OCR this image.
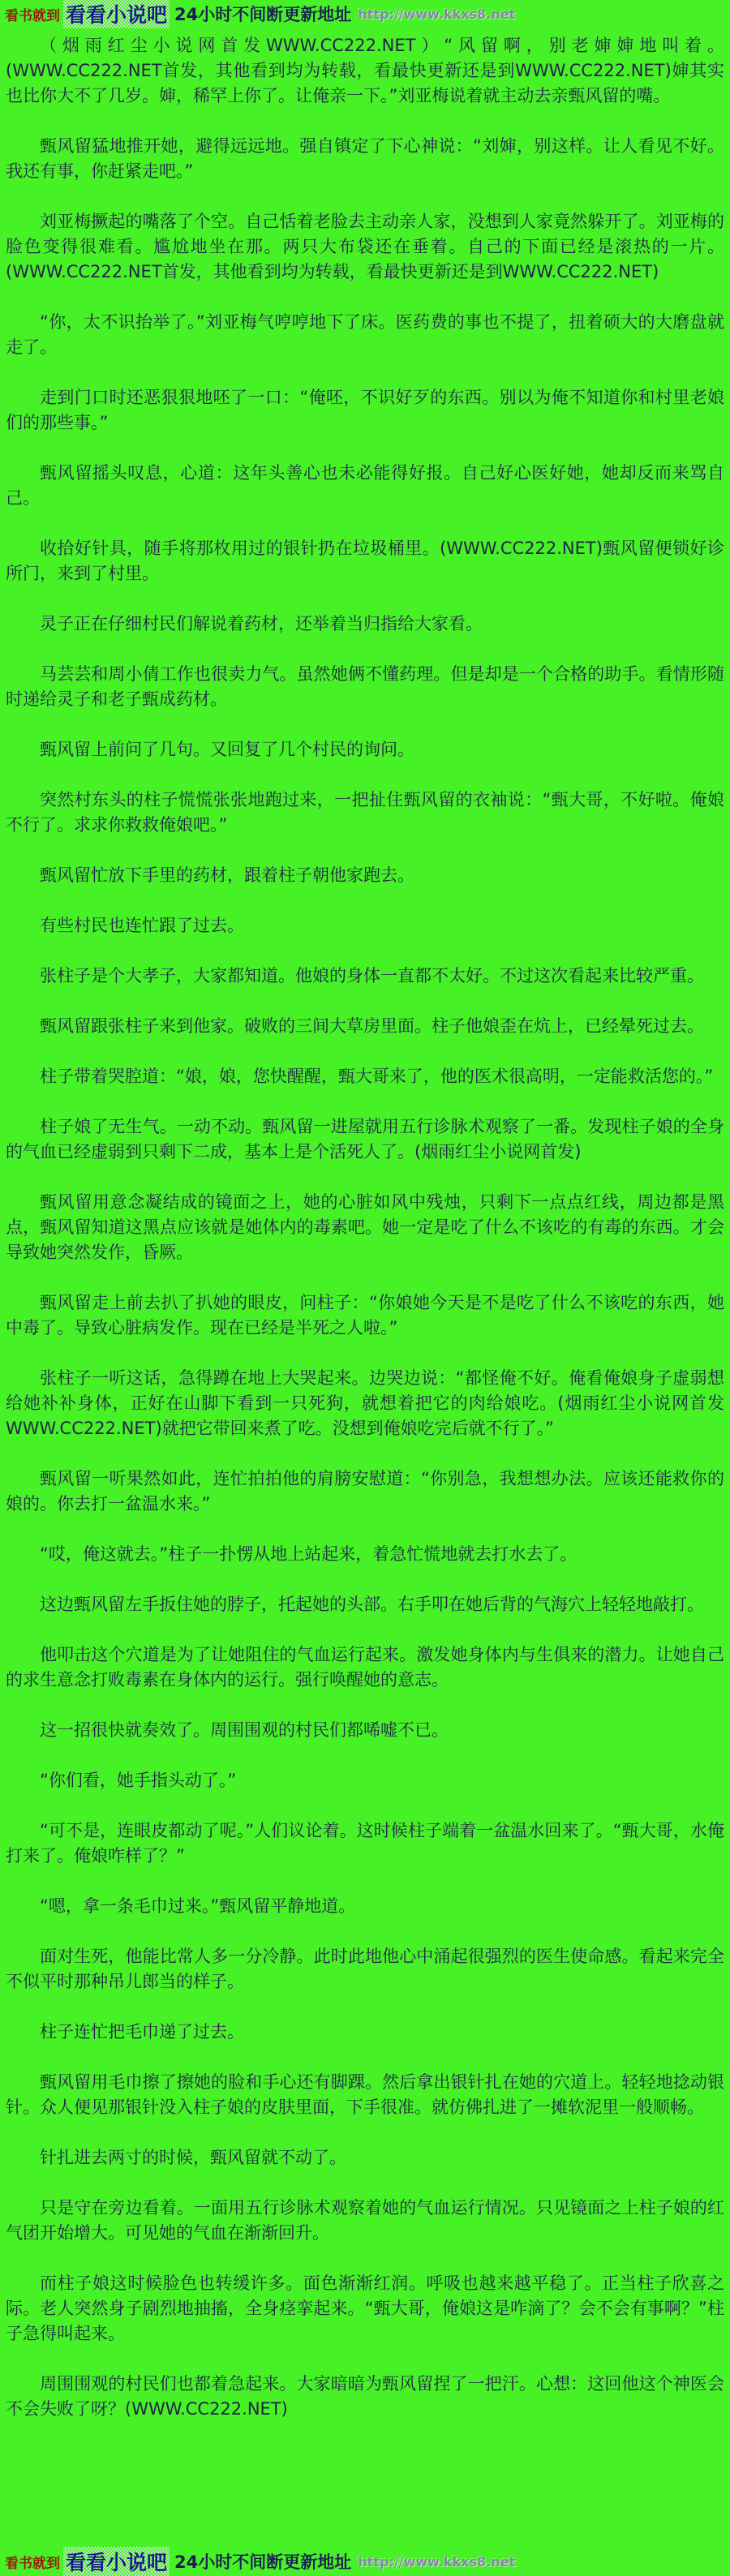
看书就到 看看小说吧 24小时不间断更新地址 http://www.kkxs8.net

（烟雨红尘小说网首发WWW.CC222.NET）“风留啊，别老婶婶地叫着。(WWW.CC222.NET首发，其他看到均为转载，看最快更新还是到WWW.CC222.NET)婶其实也比你大不了几岁。婶，稀罕上你了。让俺亲一下。”刘亚梅说着就主动去亲甄风留的嘴。

甄风留猛地推开她，避得远远地。强自镇定了下心神说：“刘婶，别这样。让人看见不好。我还有事，你赶紧走吧。”

刘亚梅撅起的嘴落了个空。自己恬着老脸去主动亲人家，没想到人家竟然躲开了。刘亚梅的脸色变得很难看。尴尬地坐在那。两只大布袋还在垂着。自己的下面已经是滚热的一片。(WWW.CC222.NET首发，其他看到均为转载，看最快更新还是到WWW.CC222.NET)

“你，太不识抬举了。”刘亚梅气哼哼地下了床。医药费的事也不提了，扭着硕大的大磨盘就走了。

走到门口时还恶狠狠地呸了一口：“俺呸，不识好歹的东西。别以为俺不知道你和村里老娘们的那些事。”

甄风留摇头叹息，心道：这年头善心也未必能得好报。自己好心医好她，她却反而来骂自己。

收拾好针具，随手将那枚用过的银针扔在垃圾桶里。(WWW.CC222.NET)甄风留便锁好诊所门，来到了村里。

灵子正在仔细村民们解说着药材，还举着当归指给大家看。

马芸芸和周小倩工作也很卖力气。虽然她俩不懂药理。但是却是一个合格的助手。看情形随时递给灵子和老子甄成药材。

甄风留上前问了几句。又回复了几个村民的询问。

突然村东头的柱子慌慌张张地跑过来，一把扯住甄风留的衣袖说：“甄大哥，不好啦。俺娘不行了。求求你救救俺娘吧。”

甄风留忙放下手里的药材，跟着柱子朝他家跑去。

有些村民也连忙跟了过去。

张柱子是个大孝子，大家都知道。他娘的身体一直都不太好。不过这次看起来比较严重。

甄风留跟张柱子来到他家。破败的三间大草房里面。柱子他娘歪在炕上，已经晕死过去。

柱子带着哭腔道：“娘，娘，您快醒醒，甄大哥来了，他的医术很高明，一定能救活您的。”

柱子娘了无生气。一动不动。甄风留一进屋就用五行诊脉术观察了一番。发现柱子娘的全身的气血已经虚弱到只剩下二成，基本上是个活死人了。(烟雨红尘小说网首发)

甄风留用意念凝结成的镜面之上，她的心脏如风中残烛，只剩下一点点红线，周边都是黑点，甄风留知道这黑点应该就是她体内的毒素吧。她一定是吃了什么不该吃的有毒的东西。才会导致她突然发作，昏厥。

甄风留走上前去扒了扒她的眼皮，问柱子：“你娘她今天是不是吃了什么不该吃的东西，她中毒了。导致心脏病发作。现在已经是半死之人啦。”

张柱子一听这话，急得蹲在地上大哭起来。边哭边说：“都怪俺不好。俺看俺娘身子虚弱想给她补补身体，正好在山脚下看到一只死狗，就想着把它的肉给娘吃。(烟雨红尘小说网首发WWW.CC222.NET)就把它带回来煮了吃。没想到俺娘吃完后就不行了。”

甄风留一听果然如此，连忙拍拍他的肩膀安慰道：“你别急，我想想办法。应该还能救你的娘的。你去打一盆温水来。”

“哎，俺这就去。”柱子一扑愣从地上站起来，着急忙慌地就去打水去了。

这边甄风留左手扳住她的脖子，托起她的头部。右手叩在她后背的气海穴上轻轻地敲打。

他叩击这个穴道是为了让她阻住的气血运行起来。激发她身体内与生俱来的潜力。让她自己的求生意念打败毒素在身体内的运行。强行唤醒她的意志。

这一招很快就奏效了。周围围观的村民们都唏嘘不已。

“你们看，她手指头动了。”

“可不是，连眼皮都动了呢。”人们议论着。这时候柱子端着一盆温水回来了。“甄大哥，水俺打来了。俺娘咋样了？”

“嗯，拿一条毛巾过来。”甄风留平静地道。

面对生死，他能比常人多一分冷静。此时此地他心中涌起很强烈的医生使命感。看起来完全不似平时那种吊儿郎当的样子。

柱子连忙把毛巾递了过去。

甄风留用毛巾擦了擦她的脸和手心还有脚踝。然后拿出银针扎在她的穴道上。轻轻地捻动银针。众人便见那银针没入柱子娘的皮肤里面，下手很准。就仿佛扎进了一摊软泥里一般顺畅。

针扎进去两寸的时候，甄风留就不动了。

只是守在旁边看着。一面用五行诊脉术观察着她的气血运行情况。只见镜面之上柱子娘的红气团开始增大。可见她的气血在渐渐回升。

而柱子娘这时候脸色也转缓许多。面色渐渐红润。呼吸也越来越平稳了。正当柱子欣喜之际。老人突然身子剧烈地抽搐，全身痉挛起来。“甄大哥，俺娘这是咋滴了？会不会有事啊？”柱子急得叫起来。

周围围观的村民们也都着急起来。大家暗暗为甄风留捏了一把汗。心想：这回他这个神医会不会失败了呀？(WWW.CC222.NET)

看书就到 看看小说吧 24小时不间断更新地址 http://www.kkxs8.net
